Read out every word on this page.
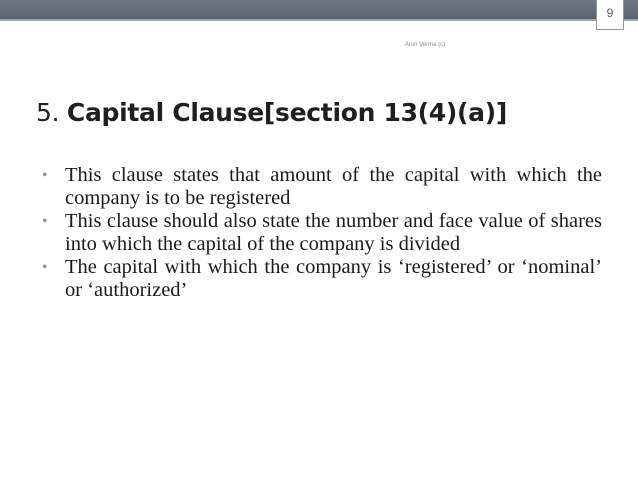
9
Arun Verma (c)
5. Capital Clause[section 13(4)(a)]
• This clause states that amount of the capital with which the company is to be registered
• This clause should also state the number and face value of shares into which the capital of the company is divided
• The capital with which the company is ‘registered’ or ‘nominal’ or ‘authorized’
